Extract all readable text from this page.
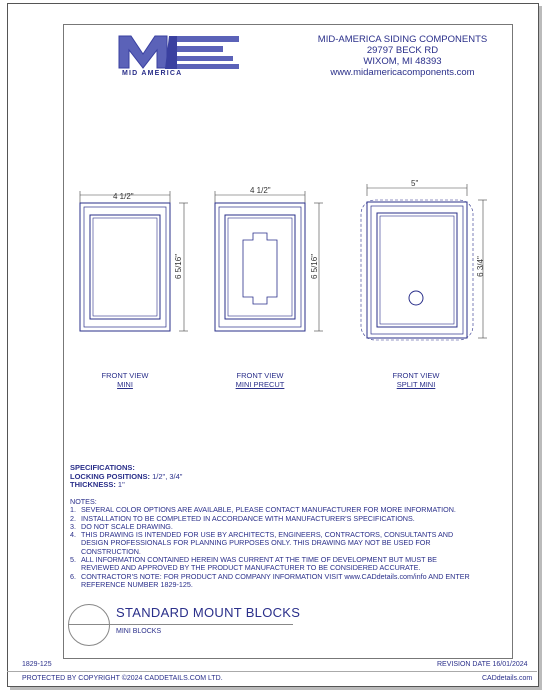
MID AMERICA
MID-AMERICA SIDING COMPONENTS
29797 BECK RD
WIXOM, MI 48393
www.midamericacomponents.com
4 1/2"
6 5/16"
4 1/2"
6 5/16"
5"
6 3/4"
FRONT VIEW
MINI
FRONT VIEW
MINI PRECUT
FRONT VIEW
SPLIT MINI
SPECIFICATIONS:
LOCKING POSITIONS: 1/2", 3/4"
THICKNESS: 1"
NOTES:
1. SEVERAL COLOR OPTIONS ARE AVAILABLE, PLEASE CONTACT MANUFACTURER FOR MORE INFORMATION.
2. INSTALLATION TO BE COMPLETED IN ACCORDANCE WITH MANUFACTURER'S SPECIFICATIONS.
3. DO NOT SCALE DRAWING.
4. THIS DRAWING IS INTENDED FOR USE BY ARCHITECTS, ENGINEERS, CONTRACTORS, CONSULTANTS AND DESIGN PROFESSIONALS FOR PLANNING PURPOSES ONLY. THIS DRAWING MAY NOT BE USED FOR CONSTRUCTION.
5. ALL INFORMATION CONTAINED HEREIN WAS CURRENT AT THE TIME OF DEVELOPMENT BUT MUST BE REVIEWED AND APPROVED BY THE PRODUCT MANUFACTURER TO BE CONSIDERED ACCURATE.
6. CONTRACTOR'S NOTE: FOR PRODUCT AND COMPANY INFORMATION VISIT www.CADdetails.com/info AND ENTER REFERENCE NUMBER 1829-125.
STANDARD MOUNT BLOCKS
MINI BLOCKS
1829-125	REVISION DATE 16/01/2024
PROTECTED BY COPYRIGHT ©2024 CADDETAILS.COM LTD.	CADdetails.com
